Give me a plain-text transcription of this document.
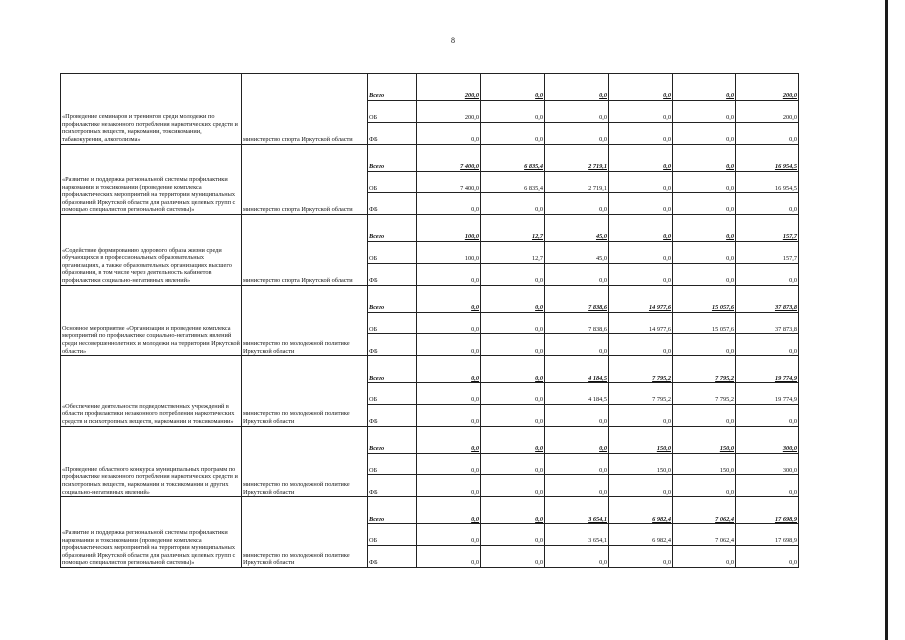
8
«Проведение семинаров и тренингов среди молодежи по профилактике незаконного потребления наркотических средств и психотропных веществ, наркомании, токсикомании, табакокурения, алкоголизма»	министерство спорта Иркутской области	Всего	200,0	0,0	0,0	0,0	0,0	200,0
		ОБ	200,0	0,0	0,0	0,0	0,0	200,0
		ФБ	0,0	0,0	0,0	0,0	0,0	0,0
«Развитие и поддержка региональной системы профилактики наркомании и токсикомании (проведение комплекса профилактических мероприятий на территории муниципальных образований Иркутской области для различных целевых групп с помощью специалистов региональной системы)»	министерство спорта Иркутской области	Всего	7 400,0	6 835,4	2 719,1	0,0	0,0	16 954,5
		ОБ	7 400,0	6 835,4	2 719,1	0,0	0,0	16 954,5
		ФБ	0,0	0,0	0,0	0,0	0,0	0,0
«Содействие формированию здорового образа жизни среди обучающихся в профессиональных образовательных организациях, а также образовательных организациях высшего образования, в том числе через деятельность кабинетов профилактики социально-негативных явлений»	министерство спорта Иркутской области	Всего	100,0	12,7	45,0	0,0	0,0	157,7
		ОБ	100,0	12,7	45,0	0,0	0,0	157,7
		ФБ	0,0	0,0	0,0	0,0	0,0	0,0
Основное мероприятие «Организация и проведение комплекса мероприятий по профилактике социально-негативных явлений среди несовершеннолетних и молодежи на территории Иркутской области»	министерство по молодежной политике Иркутской области	Всего	0,0	0,0	7 838,6	14 977,6	15 057,6	37 873,8
		ОБ	0,0	0,0	7 838,6	14 977,6	15 057,6	37 873,8
		ФБ	0,0	0,0	0,0	0,0	0,0	0,0
«Обеспечение деятельности подведомственных учреждений в области профилактики незаконного потребления наркотических средств и психотропных веществ, наркомании и токсикомании»	министерство по молодежной политике Иркутской области	Всего	0,0	0,0	4 184,5	7 795,2	7 795,2	19 774,9
		ОБ	0,0	0,0	4 184,5	7 795,2	7 795,2	19 774,9
		ФБ	0,0	0,0	0,0	0,0	0,0	0,0
«Проведение областного конкурса муниципальных программ по профилактике незаконного потребления наркотических средств и психотропных веществ, наркомании и токсикомании и других социально-негативных явлений»	министерство по молодежной политике Иркутской области	Всего	0,0	0,0	0,0	150,0	150,0	300,0
		ОБ	0,0	0,0	0,0	150,0	150,0	300,0
		ФБ	0,0	0,0	0,0	0,0	0,0	0,0
«Развитие и поддержка региональной системы профилактики наркомании и токсикомании (проведение комплекса профилактических мероприятий на территории муниципальных образований Иркутской области для различных целевых групп с помощью специалистов региональной системы)»	министерство по молодежной политике Иркутской области	Всего	0,0	0,0	3 654,1	6 982,4	7 062,4	17 698,9
		ОБ	0,0	0,0	3 654,1	6 982,4	7 062,4	17 698,9
		ФБ	0,0	0,0	0,0	0,0	0,0	0,0
